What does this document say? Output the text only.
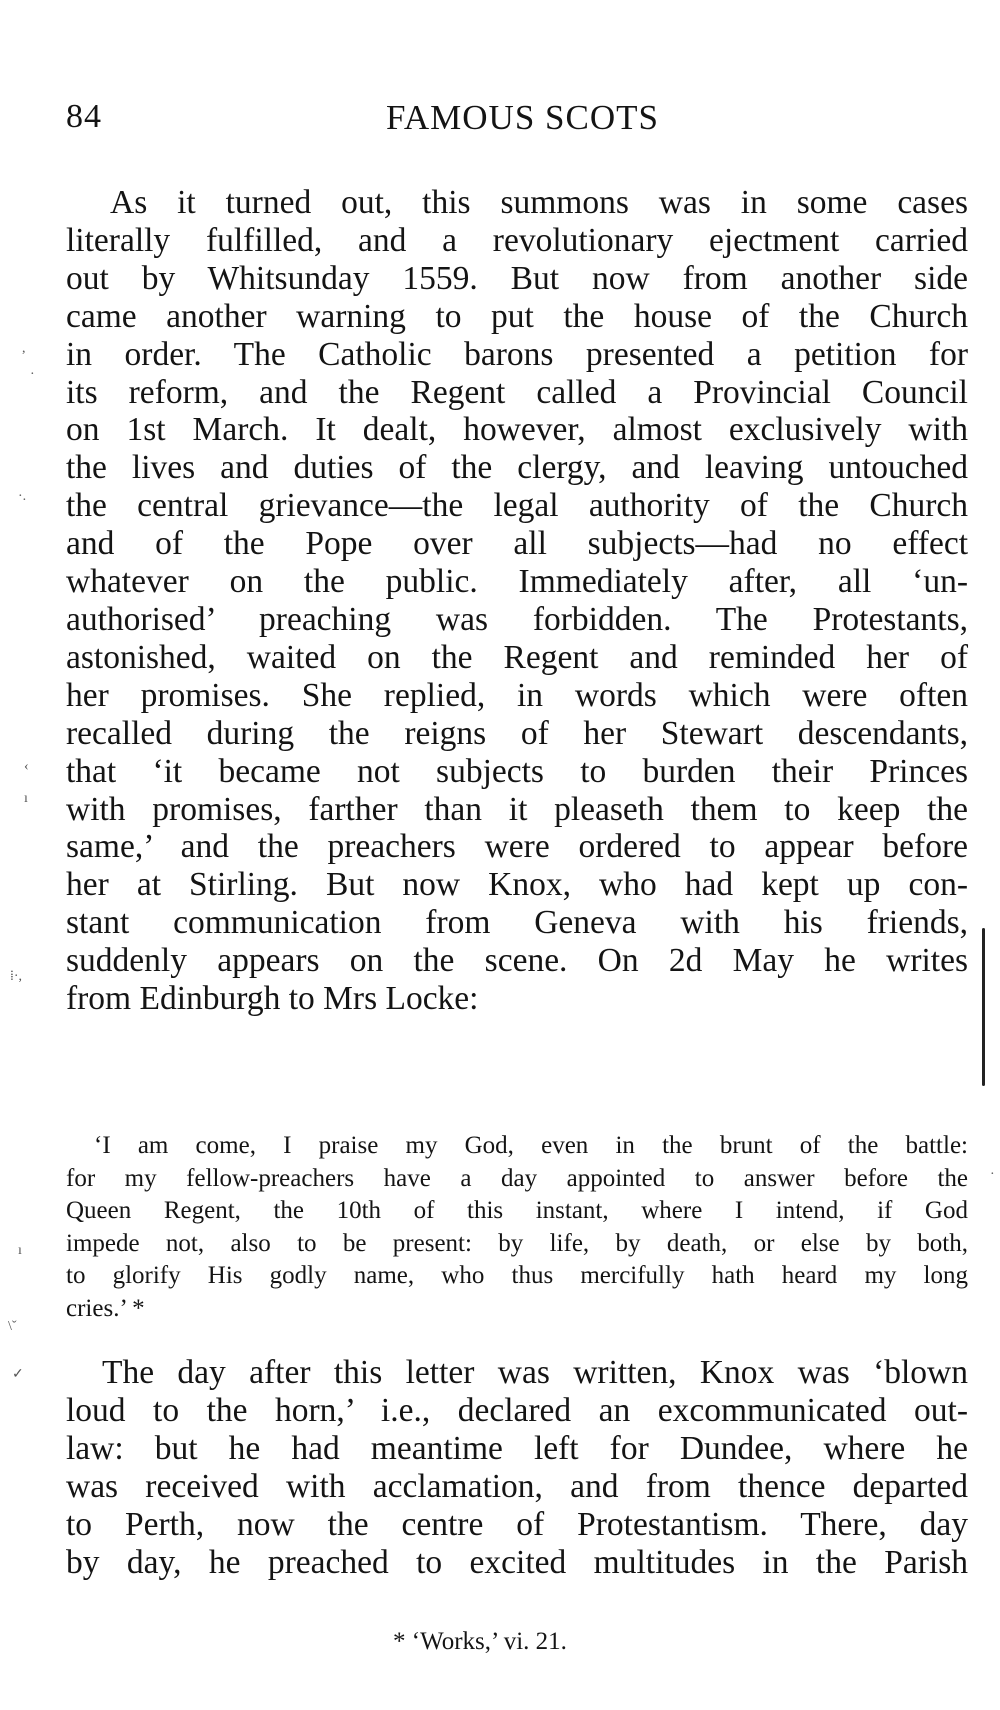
84	FAMOUS SCOTS
As it turned out, this summons was in some cases
literally fulfilled, and a revolutionary ejectment carried
out by Whitsunday 1559. But now from another side
came another warning to put the house of the Church
in order. The Catholic barons presented a petition for
its reform, and the Regent called a Provincial Council
on 1st March. It dealt, however, almost exclusively with
the lives and duties of the clergy, and leaving untouched
the central grievance—the legal authority of the Church
and of the Pope over all subjects—had no effect
whatever on the public. Immediately after, all ‘un-
authorised’ preaching was forbidden. The Protestants,
astonished, waited on the Regent and reminded her of
her promises. She replied, in words which were often
recalled during the reigns of her Stewart descendants,
that ‘it became not subjects to burden their Princes
with promises, farther than it pleaseth them to keep the
same,’ and the preachers were ordered to appear before
her at Stirling. But now Knox, who had kept up con-
stant communication from Geneva with his friends,
suddenly appears on the scene. On 2d May he writes
from Edinburgh to Mrs Locke:
‘I am come, I praise my God, even in the brunt of the battle:
for my fellow-preachers have a day appointed to answer before the
Queen Regent, the 10th of this instant, where I intend, if God
impede not, also to be present: by life, by death, or else by both,
to glorify His godly name, who thus mercifully hath heard my long
cries.’ *
The day after this letter was written, Knox was ‘blown
loud to the horn,’ i.e., declared an excommunicated out-
law: but he had meantime left for Dundee, where he
was received with acclamation, and from thence departed
to Perth, now the centre of Protestantism. There, day
by day, he preached to excited multitudes in the Parish
* ‘Works,’ vi. 21.
,
·
·.
‹
ı
⁞·,
ı
\ˇ
✓
·
